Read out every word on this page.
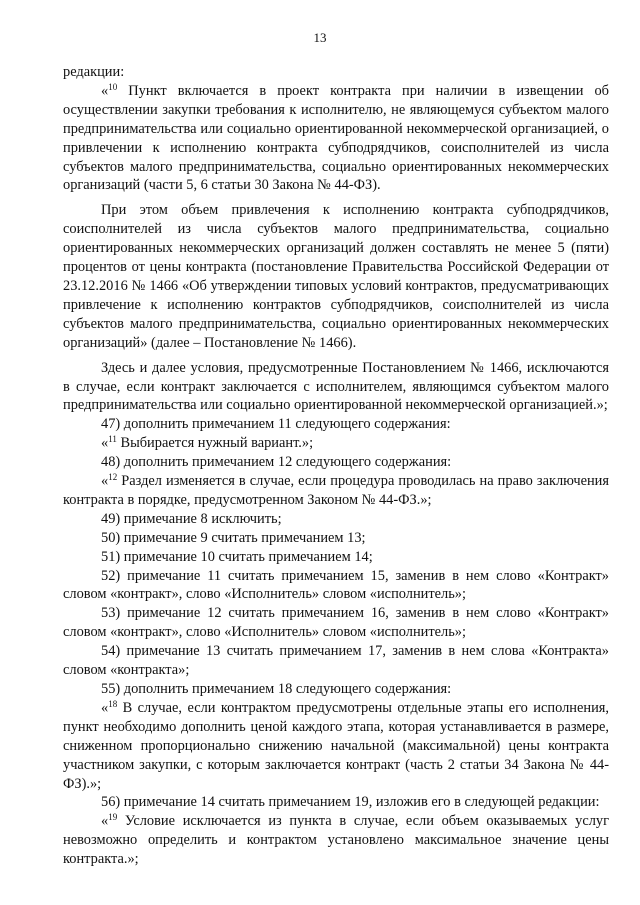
13

редакции:

«$^{10}$ Пункт включается в проект контракта при наличии в извещении об осуществлении закупки требования к исполнителю, не являющемуся субъектом малого предпринимательства или социально ориентированной некоммерческой организацией, о привлечении к исполнению контракта субподрядчиков, соисполнителей из числа субъектов малого предпринимательства, социально ориентированных некоммерческих организаций (части 5, 6 статьи 30 Закона № 44-ФЗ).

При этом объем привлечения к исполнению контракта субподрядчиков, соисполнителей из числа субъектов малого предпринимательства, социально ориентированных некоммерческих организаций должен составлять не менее 5 (пяти) процентов от цены контракта (постановление Правительства Российской Федерации от 23.12.2016 № 1466 «Об утверждении типовых условий контрактов, предусматривающих привлечение к исполнению контрактов субподрядчиков, соисполнителей из числа субъектов малого предпринимательства, социально ориентированных некоммерческих организаций» (далее – Постановление № 1466).

Здесь и далее условия, предусмотренные Постановлением № 1466, исключаются в случае, если контракт заключается с исполнителем, являющимся субъектом малого предпринимательства или социально ориентированной некоммерческой организацией.»;

47) дополнить примечанием 11 следующего содержания:

«$^{11}$ Выбирается нужный вариант.»;

48) дополнить примечанием 12 следующего содержания:

«$^{12}$ Раздел изменяется в случае, если процедура проводилась на право заключения контракта в порядке, предусмотренном Законом № 44-ФЗ.»;

49) примечание 8 исключить;

50) примечание 9 считать примечанием 13;

51) примечание 10 считать примечанием 14;

52) примечание 11 считать примечанием 15, заменив в нем слово «Контракт» словом «контракт», слово «Исполнитель» словом «исполнитель»;

53) примечание 12 считать примечанием 16, заменив в нем слово «Контракт» словом «контракт», слово «Исполнитель» словом «исполнитель»;

54) примечание 13 считать примечанием 17, заменив в нем слова «Контракта» словом «контракта»;

55) дополнить примечанием 18 следующего содержания:

«$^{18}$ В случае, если контрактом предусмотрены отдельные этапы его исполнения, пункт необходимо дополнить ценой каждого этапа, которая устанавливается в размере, сниженном пропорционально снижению начальной (максимальной) цены контракта участником закупки, с которым заключается контракт (часть 2 статьи 34 Закона № 44-ФЗ).»;

56) примечание 14 считать примечанием 19, изложив его в следующей редакции:

«$^{19}$ Условие исключается из пункта в случае, если объем оказываемых услуг невозможно определить и контрактом установлено максимальное значение цены контракта.»;
